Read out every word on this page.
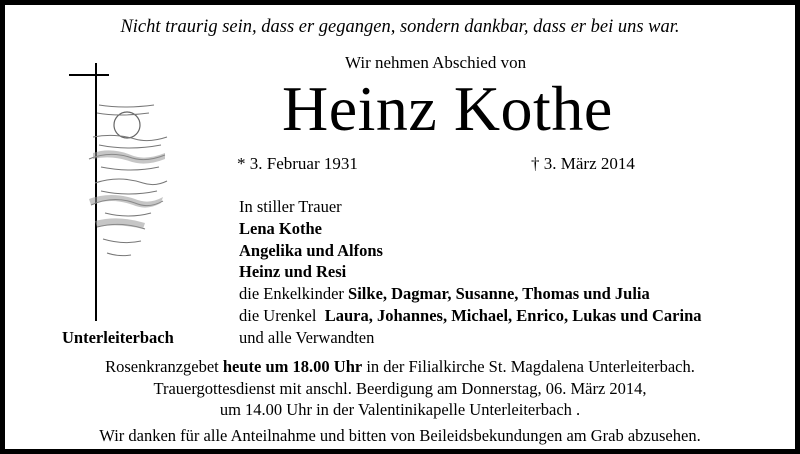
Nicht traurig sein, dass er gegangen, sondern dankbar, dass er bei uns war.
Wir nehmen Abschied von
Heinz Kothe
* 3. Februar 1931	† 3. März 2014
In stiller Trauer
Lena Kothe
Angelika und Alfons
Heinz und Resi
die Enkelkinder Silke, Dagmar, Susanne, Thomas und Julia
die Urenkel  Laura, Johannes, Michael, Enrico, Lukas und Carina
und alle Verwandten
Unterleiterbach
Rosenkranzgebet heute um 18.00 Uhr in der Filialkirche St. Magdalena Unterleiterbach.
Trauergottesdienst mit anschl. Beerdigung am Donnerstag, 06. März 2014,
um 14.00 Uhr in der Valentinikapelle Unterleiterbach .
Wir danken für alle Anteilnahme und bitten von Beileidsbekundungen am Grab abzusehen.
